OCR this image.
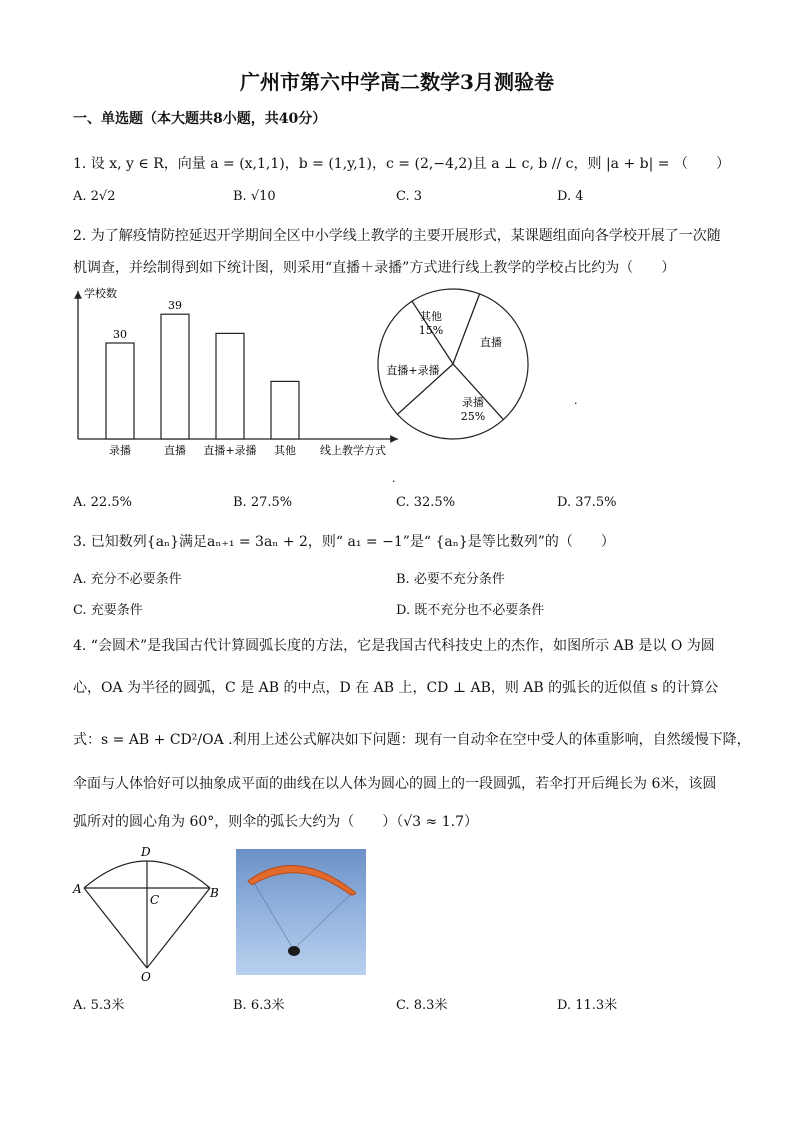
广州市第六中学高二数学3月测验卷
一、单选题（本大题共8小题，共40分）
1. 设 x, y ∈ R，向量 a = (x,1,1)，b = (1,y,1)，c = (2,−4,2)且 a ⊥ c, b // c，则 |a + b| = （　　）
A. 2√2	B. √10	C. 3	D. 4
2. 为了解疫情防控延迟开学期间全区中小学线上教学的主要开展形式，某课题组面向各学校开展了一次随
机调查，并绘制得到如下统计图，则采用“直播＋录播”方式进行线上教学的学校占比约为（　　）
学校数
线上教学方式
录播
30
直播
39
直播+录播 其他
其他
15%
直播
录播
25%
直播+录播
.
.
A. 22.5%	B. 27.5%	C. 32.5%	D. 37.5%
3. 已知数列{aₙ}满足aₙ₊₁ = 3aₙ + 2，则“ a₁ = −1”是“ {aₙ}是等比数列”的（　　）
A. 充分不必要条件	B. 必要不充分条件
C. 充要条件	D. 既不充分也不必要条件
4. “会圆术”是我国古代计算圆弧长度的方法，它是我国古代科技史上的杰作，如图所示 AB 是以 O 为圆
心，OA 为半径的圆弧，C 是 AB 的中点，D 在 AB 上，CD ⊥ AB，则 AB 的弧长的近似值 s 的计算公
式：s = AB + CD²/OA .利用上述公式解决如下问题：现有一自动伞在空中受人的体重影响，自然缓慢下降，
伞面与人体恰好可以抽象成平面的曲线在以人体为圆心的圆上的一段圆弧，若伞打开后绳长为 6米，该圆
弧所对的圆心角为 60°，则伞的弧长大约为（　　）（√3 ≈ 1.7）
A	B
C
D
O
A. 5.3米	B. 6.3米	C. 8.3米	D. 11.3米
